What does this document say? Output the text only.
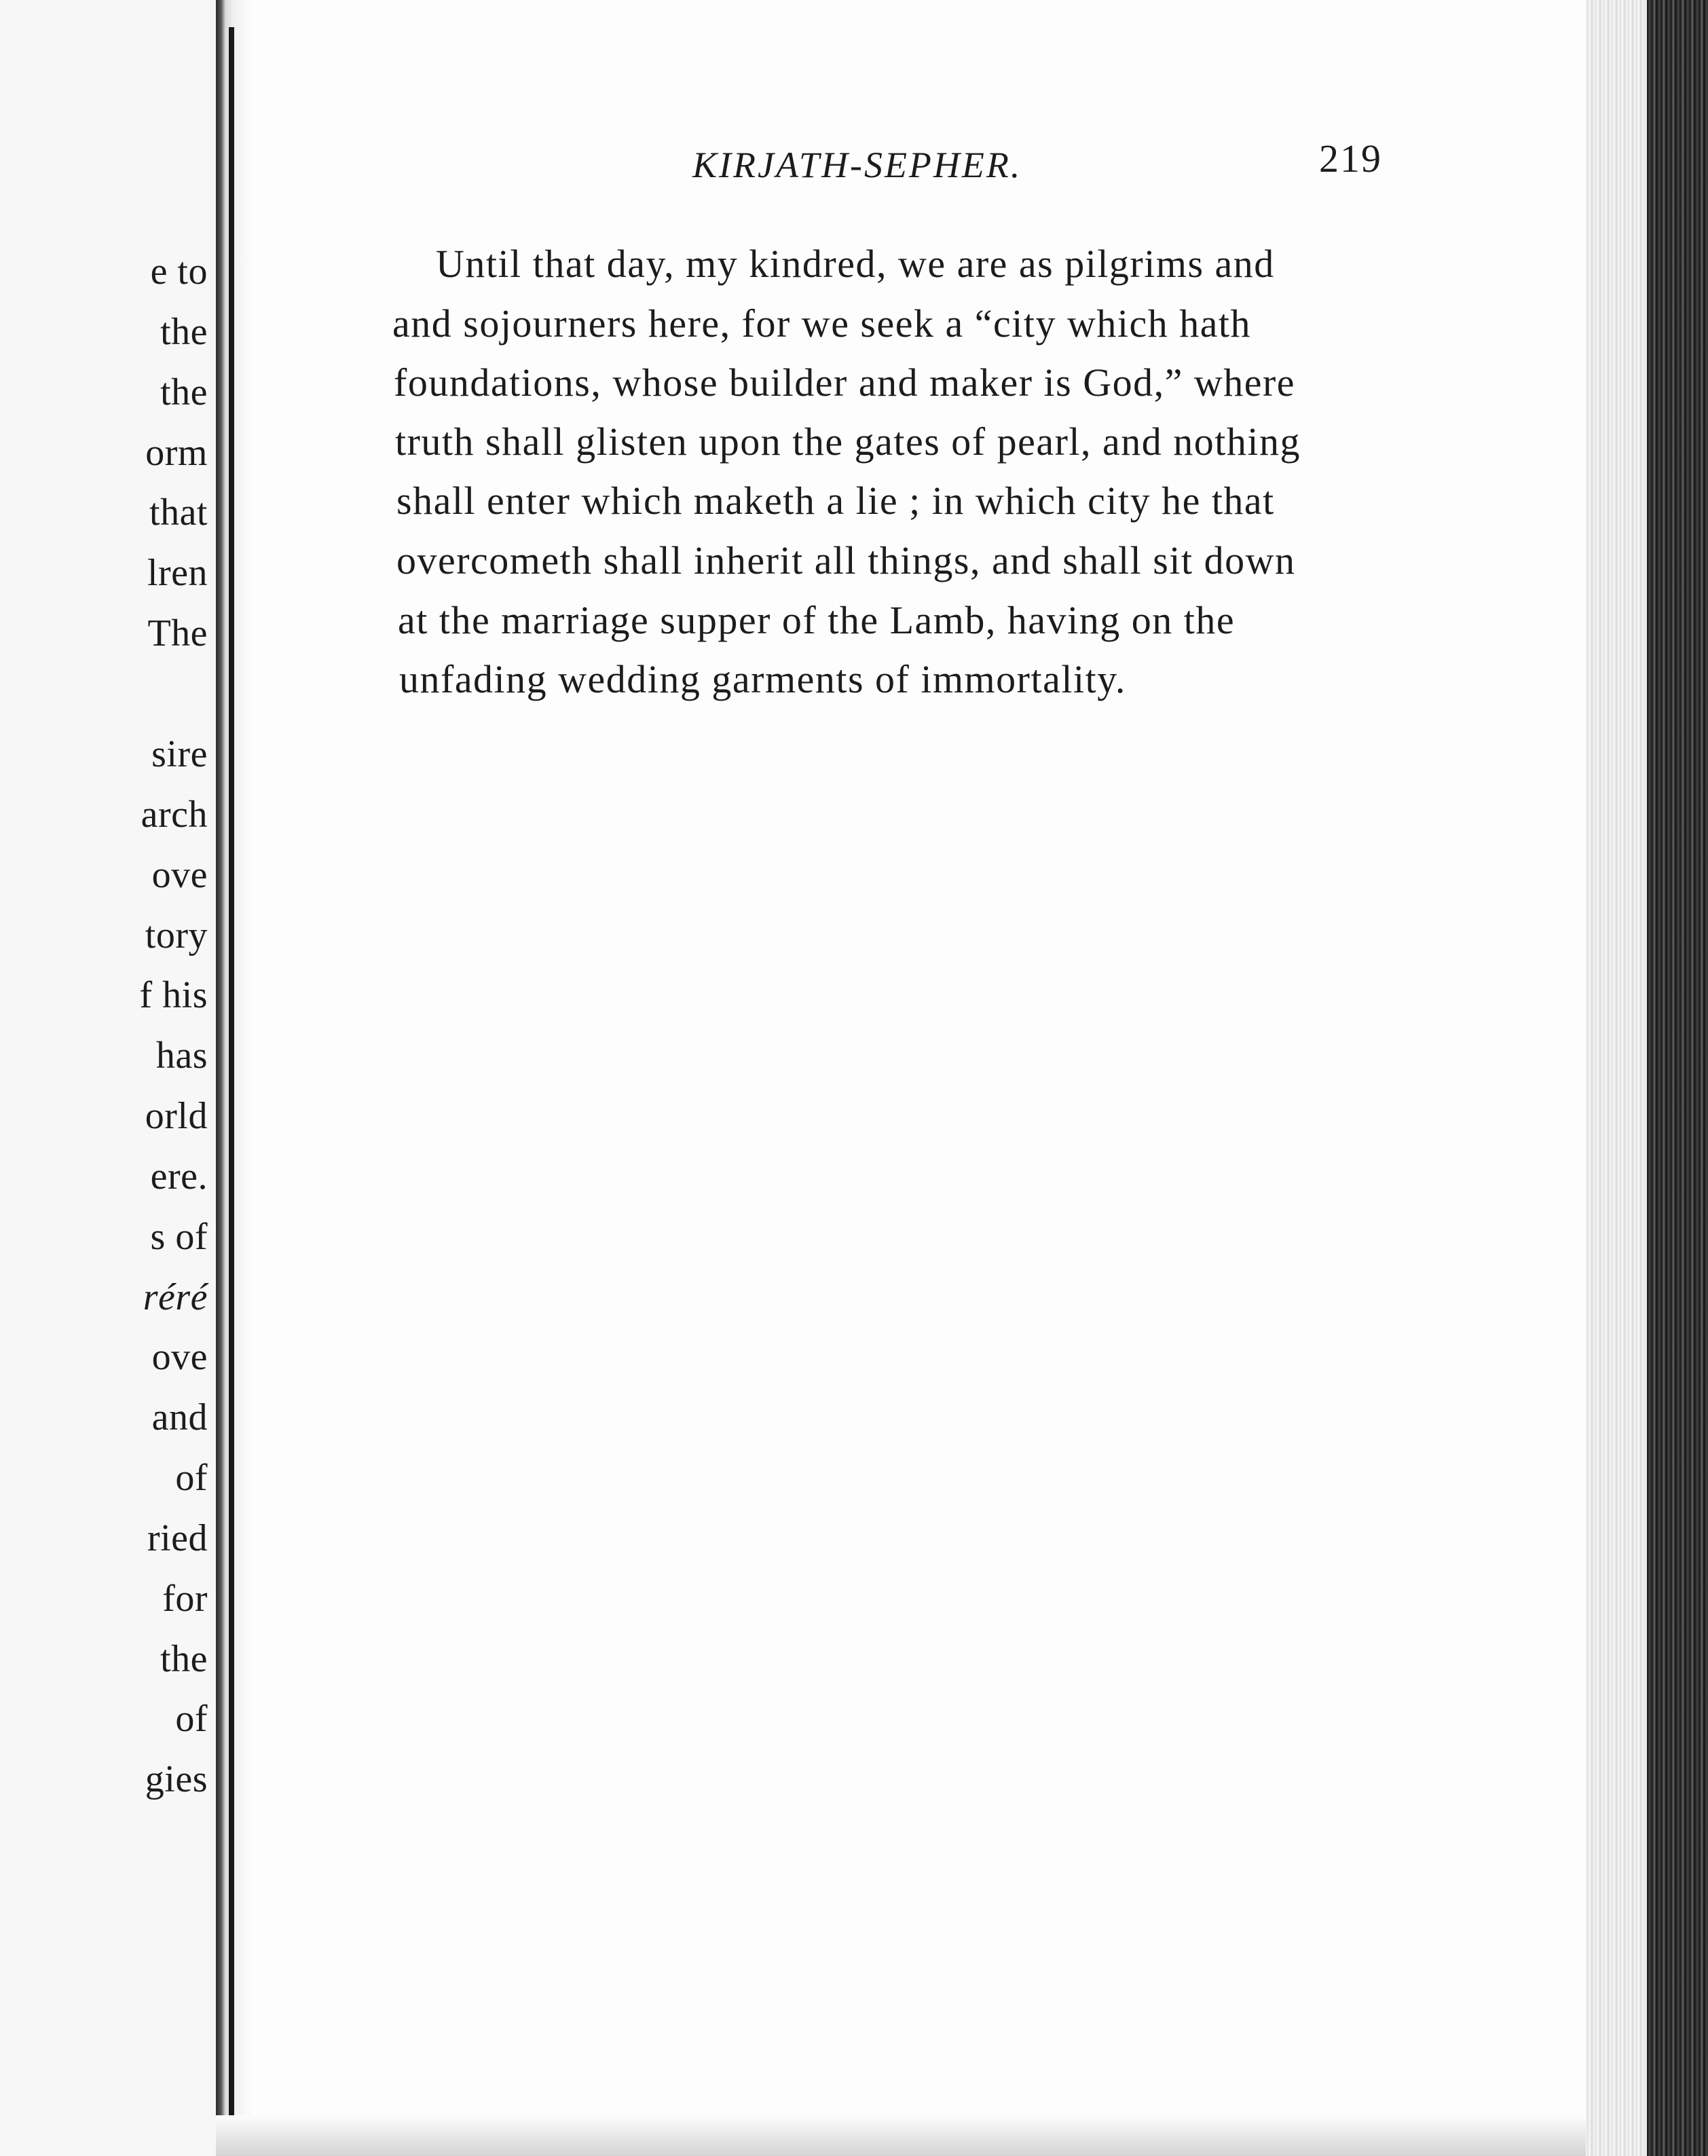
e to
the
the
orm
that
lren
The
sire
arch
ove
tory
f his
has
orld
ere.
s of
réré
ove
and
of
ried
for
the
of
gies
KIRJATH-SEPHER.	219
Until that day, my kindred, we are as pilgrims and
and sojourners here, for we seek a “city which hath
foundations, whose builder and maker is God,” where
truth shall glisten upon the gates of pearl, and nothing
shall enter which maketh a lie ; in which city he that
overcometh shall inherit all things, and shall sit down
at the marriage supper of the Lamb, having on the
unfading wedding garments of immortality.
